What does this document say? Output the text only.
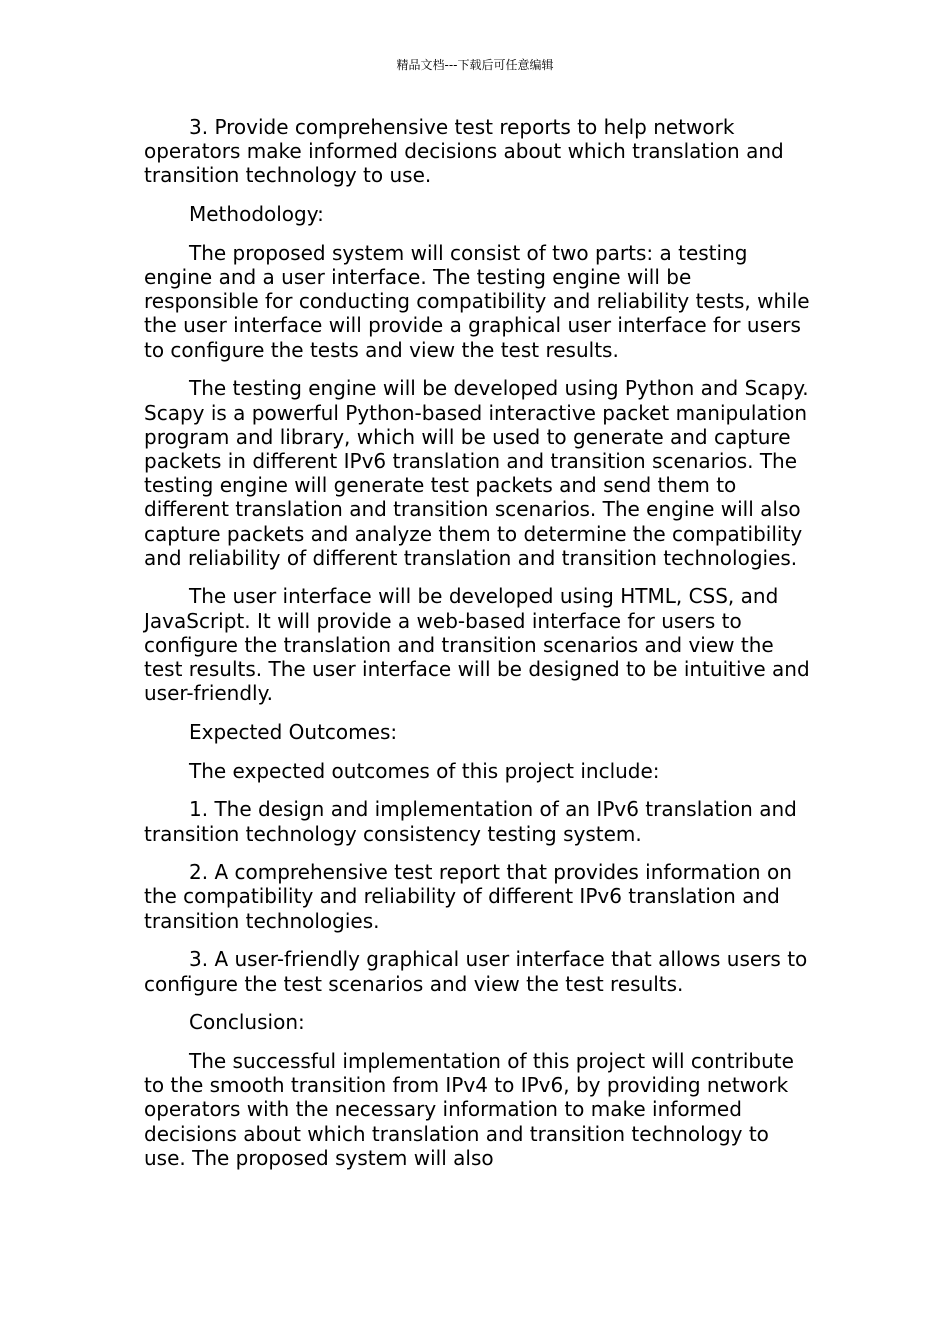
精品文档---下载后可任意编辑

3. Provide comprehensive test reports to help network operators make informed decisions about which translation and transition technology to use.

Methodology:

The proposed system will consist of two parts: a testing engine and a user interface. The testing engine will be responsible for conducting compatibility and reliability tests, while the user interface will provide a graphical user interface for users to configure the tests and view the test results.

The testing engine will be developed using Python and Scapy. Scapy is a powerful Python-based interactive packet manipulation program and library, which will be used to generate and capture packets in different IPv6 translation and transition scenarios. The testing engine will generate test packets and send them to different translation and transition scenarios. The engine will also capture packets and analyze them to determine the compatibility and reliability of different translation and transition technologies.

The user interface will be developed using HTML, CSS, and JavaScript. It will provide a web-based interface for users to configure the translation and transition scenarios and view the test results. The user interface will be designed to be intuitive and user-friendly.

Expected Outcomes:

The expected outcomes of this project include:

1. The design and implementation of an IPv6 translation and transition technology consistency testing system.

2. A comprehensive test report that provides information on the compatibility and reliability of different IPv6 translation and transition technologies.

3. A user-friendly graphical user interface that allows users to configure the test scenarios and view the test results.

Conclusion:

The successful implementation of this project will contribute to the smooth transition from IPv4 to IPv6, by providing network operators with the necessary information to make informed decisions about which translation and transition technology to use. The proposed system will also
